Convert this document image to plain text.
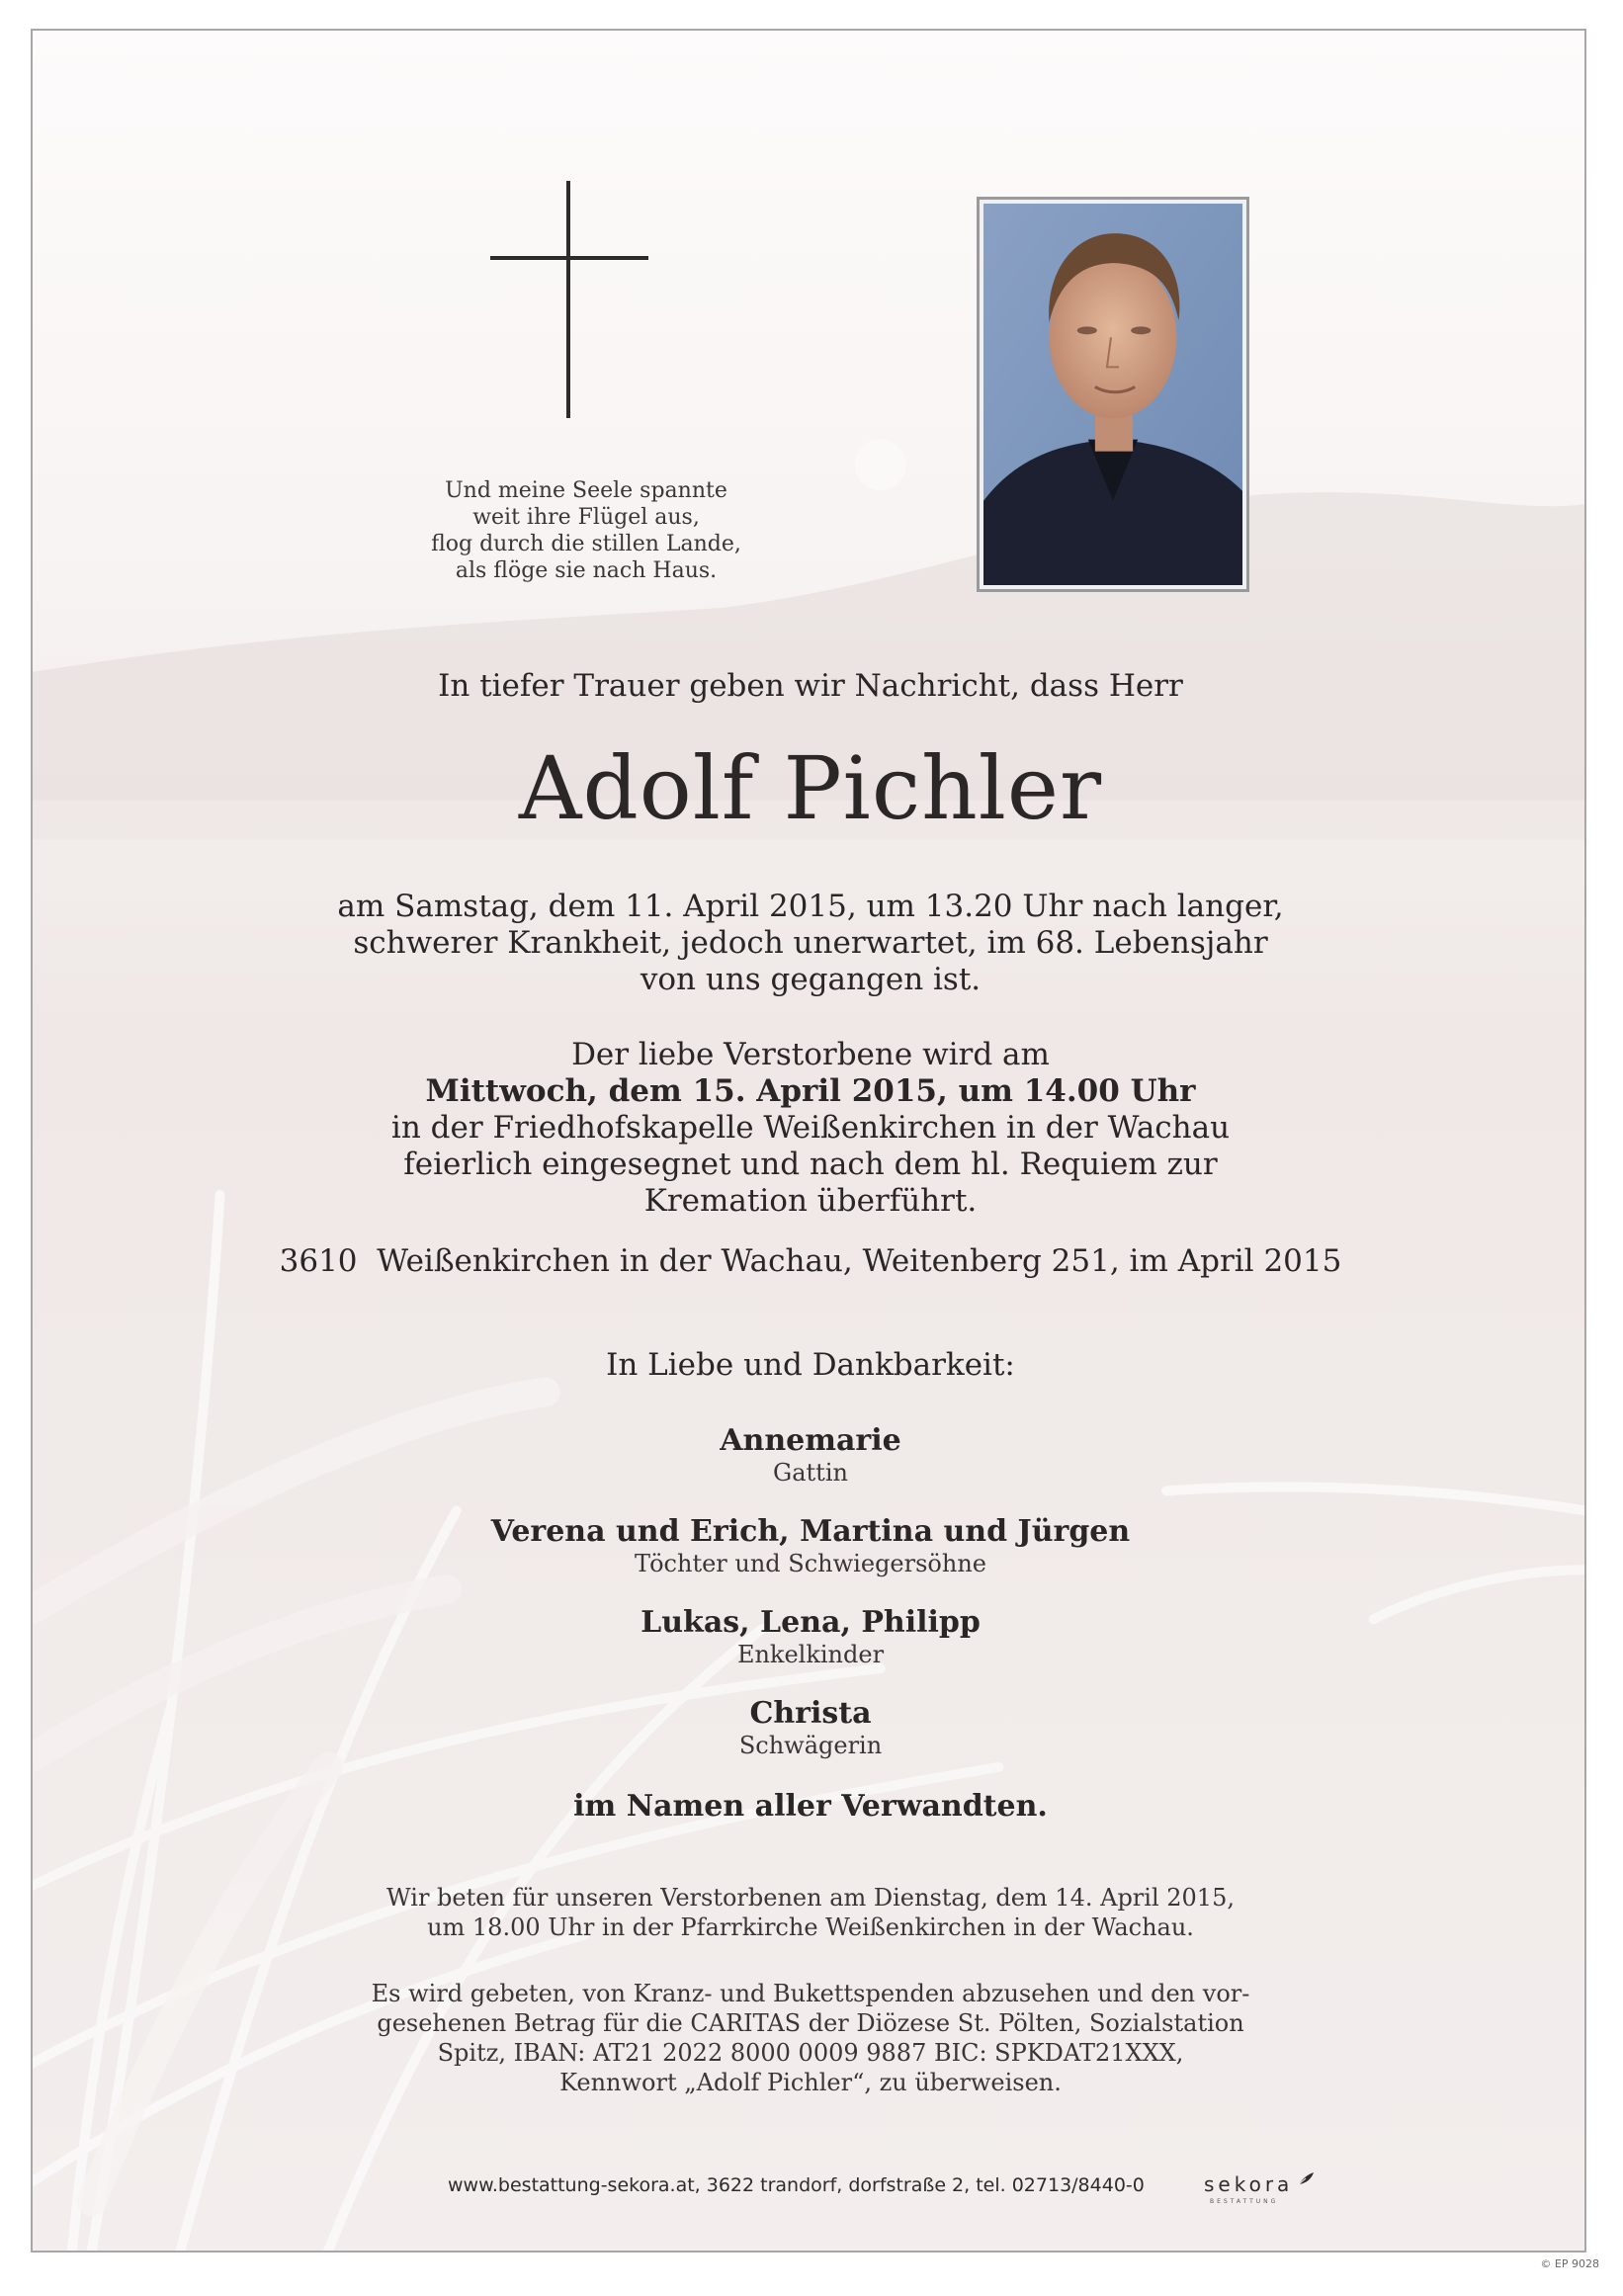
Und meine Seele spannte
weit ihre Flügel aus,
flog durch die stillen Lande,
als flöge sie nach Haus.
In tiefer Trauer geben wir Nachricht, dass Herr
Adolf Pichler
am Samstag, dem 11. April 2015, um 13.20 Uhr nach langer,
schwerer Krankheit, jedoch unerwartet, im 68. Lebensjahr
von uns gegangen ist.
Der liebe Verstorbene wird am
Mittwoch, dem 15. April 2015, um 14.00 Uhr
in der Friedhofskapelle Weißenkirchen in der Wachau
feierlich eingesegnet und nach dem hl. Requiem zur
Kremation überführt.
3610  Weißenkirchen in der Wachau, Weitenberg 251, im April 2015
In Liebe und Dankbarkeit:
Annemarie
Gattin
Verena und Erich, Martina und Jürgen
Töchter und Schwiegersöhne
Lukas, Lena, Philipp
Enkelkinder
Christa
Schwägerin
im Namen aller Verwandten.
Wir beten für unseren Verstorbenen am Dienstag, dem 14. April 2015,
um 18.00 Uhr in der Pfarrkirche Weißenkirchen in der Wachau.
Es wird gebeten, von Kranz- und Bukettspenden abzusehen und den vor-
gesehenen Betrag für die CARITAS der Diözese St. Pölten, Sozialstation
Spitz, IBAN: AT21 2022 8000 0009 9887 BIC: SPKDAT21XXX,
Kennwort „Adolf Pichler“, zu überweisen.
www.bestattung-sekora.at, 3622 trandorf, dorfstraße 2, tel. 02713/8440-0	sekora
BESTATTUNG
© EP 9028
